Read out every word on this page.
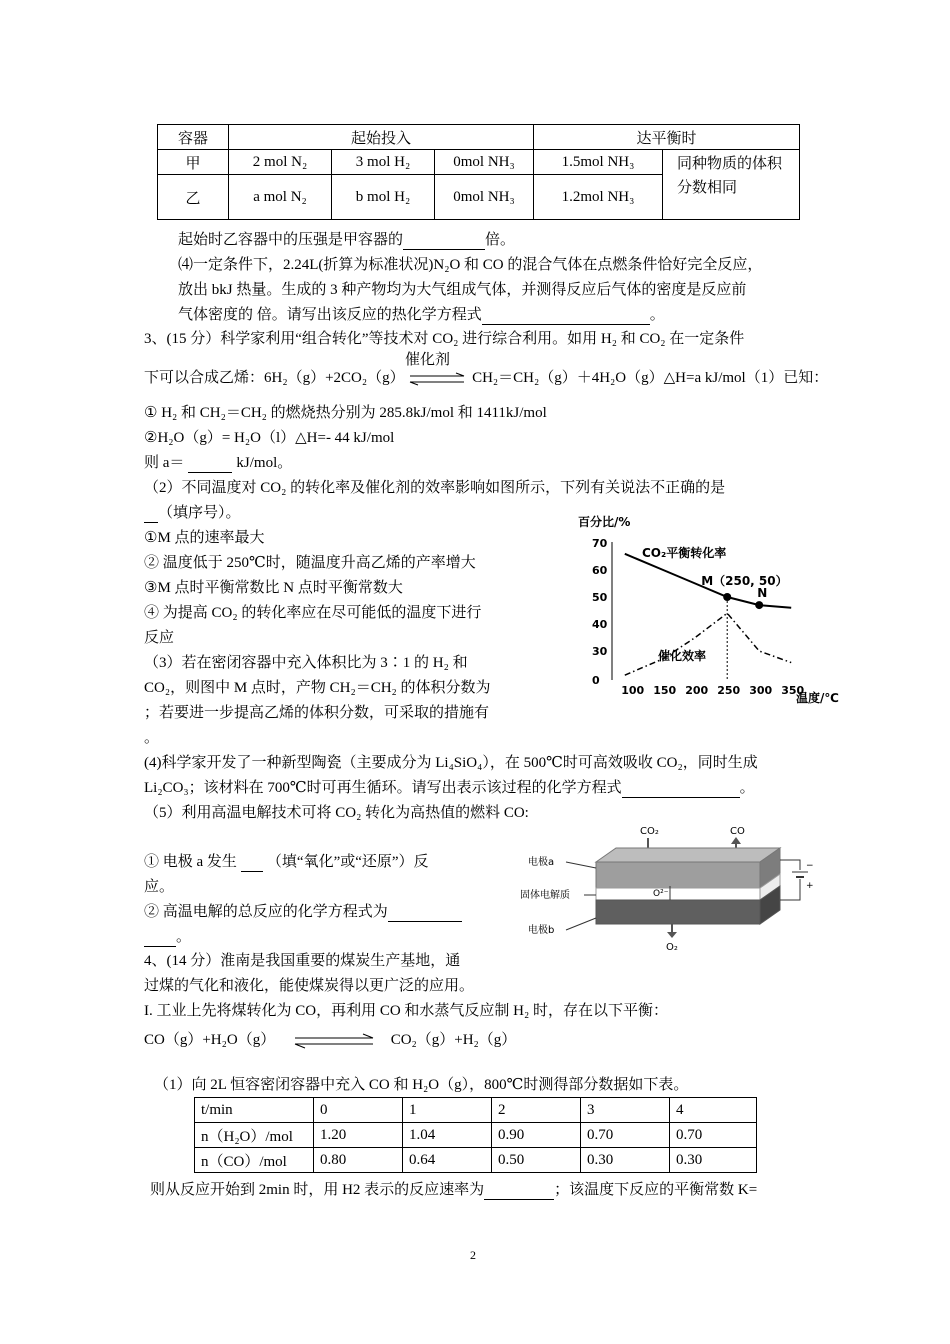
容器	起始投入			达平衡时	
甲	2 mol N₂	3 mol H₂	0mol NH₃	1.5mol NH₃	同种物质的体积分数相同
乙	a mol N₂	b mol H₂	0mol NH₃	1.2mol NH₃	
起始时乙容器中的压强是甲容器的	倍。
⑷一定条件下，2.24L(折算为标准状况)N₂O 和 CO 的混合气体在点燃条件恰好完全反应，
放出 bkJ 热量。生成的 3 种产物均为大气组成气体，并测得反应后气体的密度是反应前
气体密度的 倍。请写出该反应的热化学方程式	。
3、(15 分）科学家利用“组合转化”等技术对 CO₂ 进行综合利用。如用 H₂ 和 CO₂ 在一定条件
催化剂
下可以合成乙烯：6H₂（g）+2CO₂（g） ⇌ CH₂＝CH₂（g）＋4H₂O（g）△H=a kJ/mol（1）已知：
① H₂ 和 CH₂＝CH₂ 的燃烧热分别为 285.8kJ/mol 和 1411kJ/mol
②H₂O（g）= H₂O（l）△H=- 44 kJ/mol
则 a＝	kJ/mol。
（2）不同温度对 CO₂ 的转化率及催化剂的效率影响如图所示，下列有关说法不正确的是
（填序号）。
①M 点的速率最大
② 温度低于 250℃时，随温度升高乙烯的产率增大
③M 点时平衡常数比 N 点时平衡常数大
④ 为提高 CO₂ 的转化率应在尽可能低的温度下进行
反应
（3）若在密闭容器中充入体积比为 3∶1 的 H₂ 和
CO₂，则图中 M 点时，产物 CH₂＝CH₂ 的体积分数为
；若要进一步提高乙烯的体积分数，可采取的措施有
。
百分比/%
0
30
40
50
60
70
100 150 200 250 300 350
M（250, 50）
N
CO₂平衡转化率
催化效率
温度/℃
(4)科学家开发了一种新型陶瓷（主要成分为 Li₄SiO₄），在 500℃时可高效吸收 CO₂，同时生成
Li₂CO₃；该材料在 700℃时可再生循环。请写出表示该过程的化学方程式	。
（5）利用高温电解技术可将 CO₂ 转化为高热值的燃料 CO:
① 电极 a 发生 （填“氧化”或“还原”）反
应。
② 高温电解的总反应的化学方程式为
。
CO₂	CO
O²⁻
O₂
−
+
电极a
固体电解质
电极b
4、(14 分）淮南是我国重要的煤炭生产基地，通
过煤的气化和液化，能使煤炭得以更广泛的应用。
I. 工业上先将煤转化为 CO，再利用 CO 和水蒸气反应制 H₂ 时，存在以下平衡：
CO（g）+H₂O（g）	CO₂（g）+H₂（g）
（1）向 2L 恒容密闭容器中充入 CO 和 H₂O（g），800℃时测得部分数据如下表。
t/min	0	1	2	3	4
n（H₂O）/mol	1.20	1.04	0.90	0.70	0.70
n（CO）/mol	0.80	0.64	0.50	0.30	0.30
则从反应开始到 2min 时，用 H2 表示的反应速率为	；该温度下反应的平衡常数 K=
2
